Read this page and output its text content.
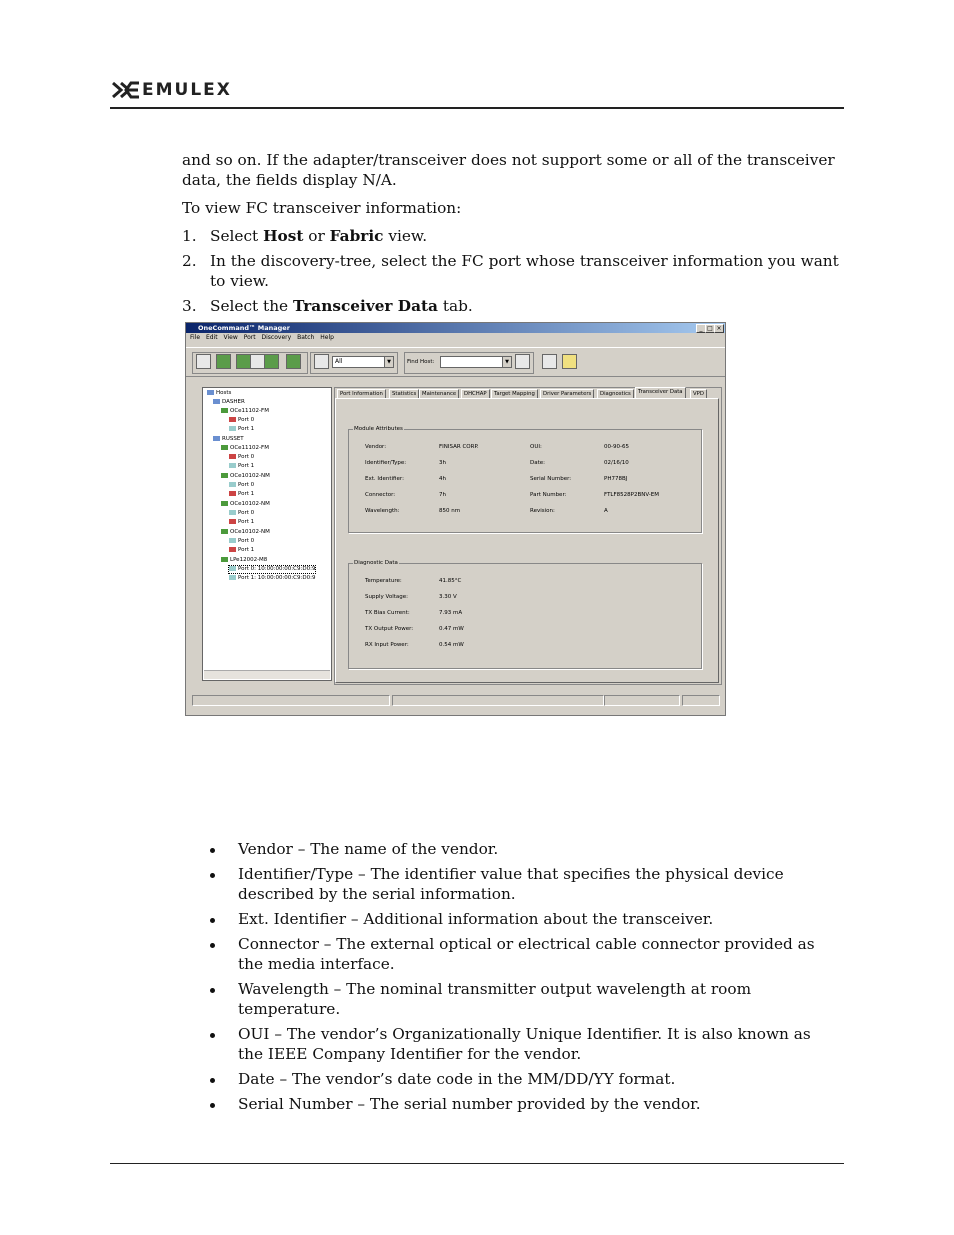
EMULEX
and so on. If the adapter/transceiver does not support some or all of the transceiver
data, the fields display N/A.
To view FC transceiver information:
1. Select Host or Fabric view.
2. In the discovery-tree, select the FC port whose transceiver information you want to view.
3. Select the Transceiver Data tab.
OneCommand™ Manager	_ □ ×
File Edit View Port Discovery Batch Help
All	▼	Find Host:	▼
Hosts
DASHER
OCe11102-FM
Port 0
Port 1
RUSSET
OCe11102-FM
Port 0
Port 1
OCe10102-NM
Port 0
Port 1
OCe10102-NM
Port 0
Port 1
OCe10102-NM
Port 0
Port 1
LPe12002-M8
Port 0: 10:00:00:00:C9:D0:9
Port 1: 10:00:00:00:C9:D0:9
Port Information	Statistics	Maintenance	DHCHAP	Target Mapping	Driver Parameters	Diagnostics	Transceiver Data	VPD
Module Attributes
Vendor:	FINISAR CORP.
Identifier/Type:	3h
Ext. Identifier:	4h
Connector:	7h
Wavelength:	850 nm
OUI:	00-90-65
Date:	02/16/10
Serial Number:	PH778BJ
Part Number:	FTLF8528P2BNV-EM
Revision:	A
Diagnostic Data
Temperature:	41.85°C
Supply Voltage:	3.30 V
TX Bias Current:	7.93 mA
TX Output Power:	0.47 mW
RX Input Power:	0.54 mW
Vendor – The name of the vendor.
Identifier/Type – The identifier value that specifies the physical device described by the serial information.
Ext. Identifier – Additional information about the transceiver.
Connector – The external optical or electrical cable connector provided as the media interface.
Wavelength – The nominal transmitter output wavelength at room temperature.
OUI – The vendor’s Organizationally Unique Identifier. It is also known as the IEEE Company Identifier for the vendor.
Date – The vendor’s date code in the MM/DD/YY format.
Serial Number – The serial number provided by the vendor.
